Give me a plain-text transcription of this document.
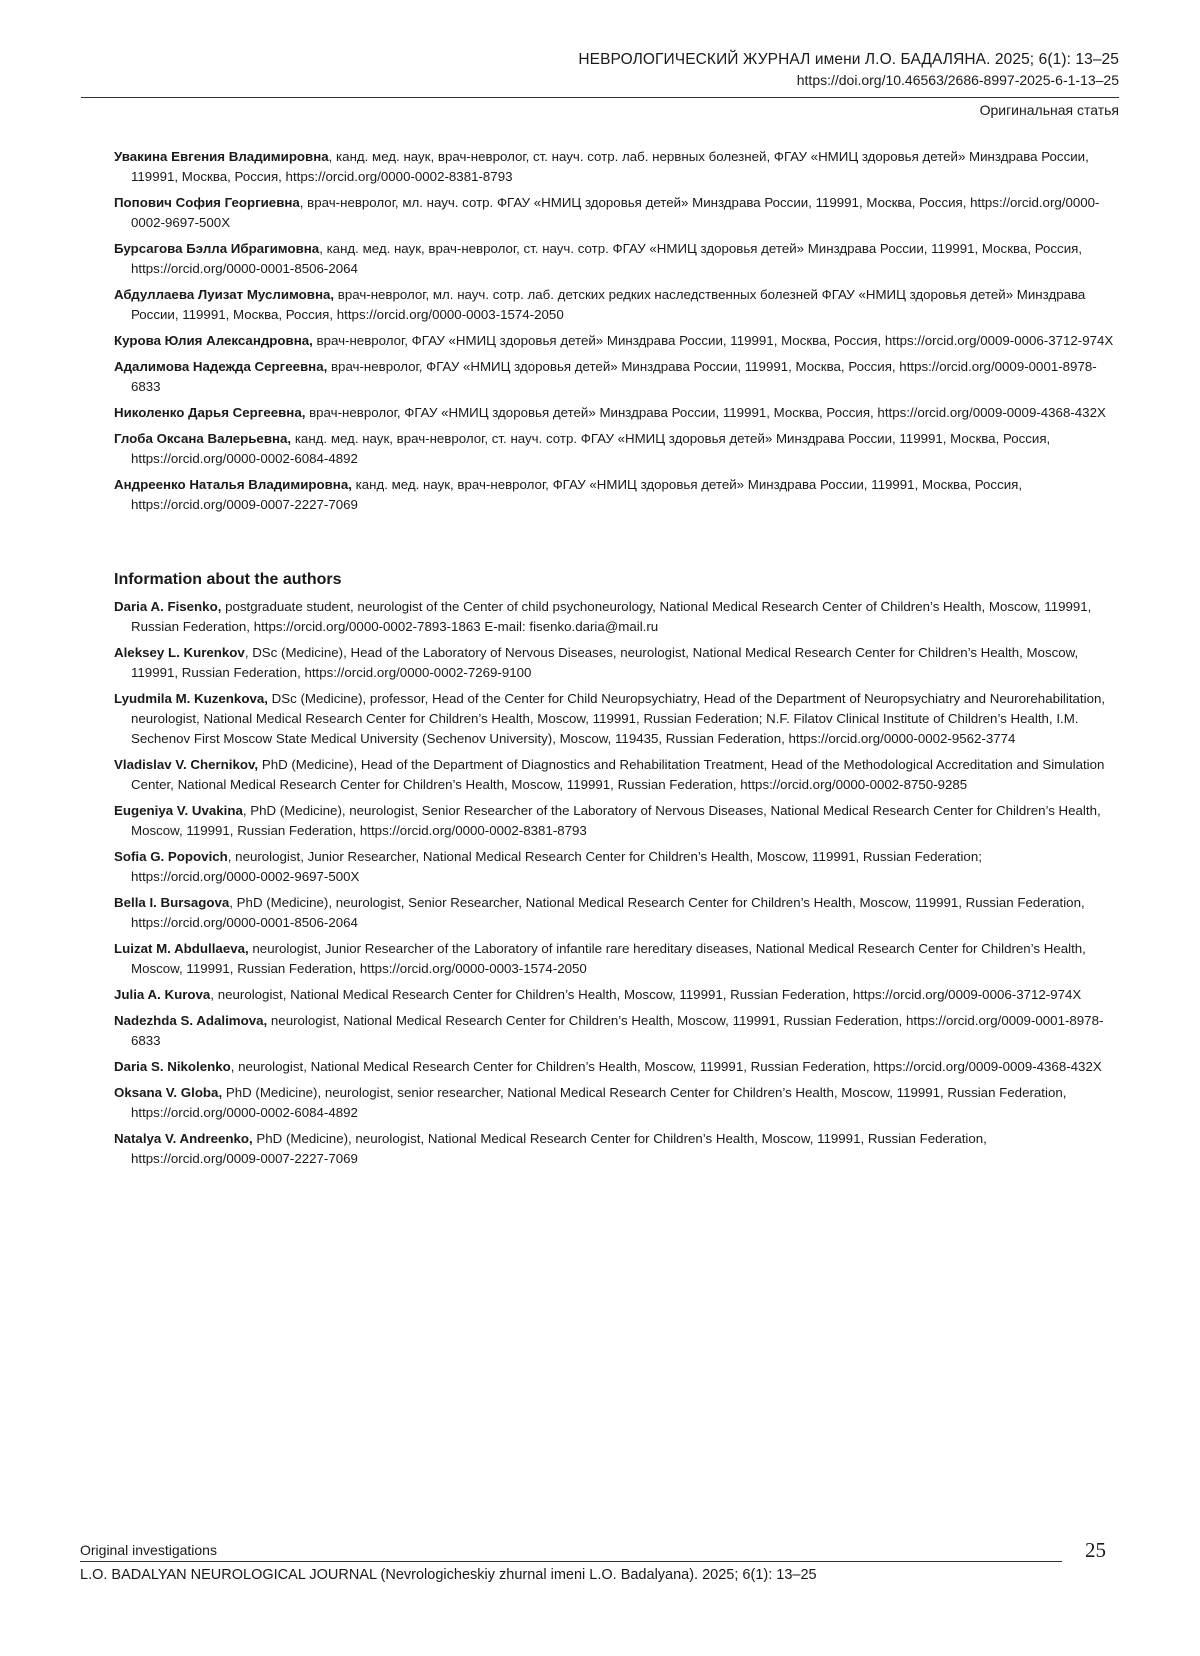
НЕВРОЛОГИЧЕСКИЙ ЖУРНАЛ имени Л.О. БАДАЛЯНА. 2025; 6(1): 13–25
https://doi.org/10.46563/2686-8997-2025-6-1-13–25
Оригинальная статья

Увакина Евгения Владимировна, канд. мед. наук, врач-невролог, ст. науч. сотр. лаб. нервных болезней, ФГАУ «НМИЦ здоровья детей» Минздрава России, 119991, Москва, Россия, https://orcid.org/0000-0002-8381-8793

Попович София Георгиевна, врач-невролог, мл. науч. сотр. ФГАУ «НМИЦ здоровья детей» Минздрава России, 119991, Москва, Россия, https://orcid.org/0000-0002-9697-500X

Бурсагова Бэлла Ибрагимовна, канд. мед. наук, врач-невролог, ст. науч. сотр. ФГАУ «НМИЦ здоровья детей» Минздрава России, 119991, Москва, Россия, https://orcid.org/0000-0001-8506-2064

Абдуллаева Луизат Муслимовна, врач-невролог, мл. науч. сотр. лаб. детских редких наследственных болезней ФГАУ «НМИЦ здоровья детей» Минздрава России, 119991, Москва, Россия, https://orcid.org/0000-0003-1574-2050

Курова Юлия Александровна, врач-невролог, ФГАУ «НМИЦ здоровья детей» Минздрава России, 119991, Москва, Россия, https://orcid.org/0009-0006-3712-974X

Адалимова Надежда Сергеевна, врач-невролог, ФГАУ «НМИЦ здоровья детей» Минздрава России, 119991, Москва, Россия, https://orcid.org/0009-0001-8978-6833

Николенко Дарья Сергеевна, врач-невролог, ФГАУ «НМИЦ здоровья детей» Минздрава России, 119991, Москва, Россия, https://orcid.org/0009-0009-4368-432X

Глоба Оксана Валерьевна, канд. мед. наук, врач-невролог, ст. науч. сотр. ФГАУ «НМИЦ здоровья детей» Минздрава России, 119991, Москва, Россия, https://orcid.org/0000-0002-6084-4892

Андреенко Наталья Владимировна, канд. мед. наук, врач-невролог, ФГАУ «НМИЦ здоровья детей» Минздрава России, 119991, Москва, Россия, https://orcid.org/0009-0007-2227-7069

Information about the authors

Daria A. Fisenko, postgraduate student, neurologist of the Center of child psychoneurology, National Medical Research Center of Children’s Health, Moscow, 119991, Russian Federation, https://orcid.org/0000-0002-7893-1863 E-mail: fisenko.daria@mail.ru

Aleksey L. Kurenkov, DSc (Medicine), Head of the Laboratory of Nervous Diseases, neurologist, National Medical Research Center for Children’s Health, Moscow, 119991, Russian Federation, https://orcid.org/0000-0002-7269-9100

Lyudmila M. Kuzenkova, DSc (Medicine), professor, Head of the Center for Child Neuropsychiatry, Head of the Department of Neuropsychiatry and Neurorehabilitation, neurologist, National Medical Research Center for Children’s Health, Moscow, 119991, Russian Federation; N.F. Filatov Clinical Institute of Children’s Health, I.M. Sechenov First Moscow State Medical University (Sechenov University), Moscow, 119435, Russian Federation, https://orcid.org/0000-0002-9562-3774

Vladislav V. Chernikov, PhD (Medicine), Head of the Department of Diagnostics and Rehabilitation Treatment, Head of the Methodological Accreditation and Simulation Center, National Medical Research Center for Children’s Health, Moscow, 119991, Russian Federation, https://orcid.org/0000-0002-8750-9285

Eugeniya V. Uvakina, PhD (Medicine), neurologist, Senior Researcher of the Laboratory of Nervous Diseases, National Medical Research Center for Children’s Health, Moscow, 119991, Russian Federation, https://orcid.org/0000-0002-8381-8793

Sofia G. Popovich, neurologist, Junior Researcher, National Medical Research Center for Children’s Health, Moscow, 119991, Russian Federation; https://orcid.org/0000-0002-9697-500X

Bella I. Bursagova, PhD (Medicine), neurologist, Senior Researcher, National Medical Research Center for Children’s Health, Moscow, 119991, Russian Federation, https://orcid.org/0000-0001-8506-2064

Luizat M. Abdullaeva, neurologist, Junior Researcher of the Laboratory of infantile rare hereditary diseases, National Medical Research Center for Children’s Health, Moscow, 119991, Russian Federation, https://orcid.org/0000-0003-1574-2050

Julia A. Kurova, neurologist, National Medical Research Center for Children’s Health, Moscow, 119991, Russian Federation, https://orcid.org/0009-0006-3712-974X

Nadezhda S. Adalimova, neurologist, National Medical Research Center for Children’s Health, Moscow, 119991, Russian Federation, https://orcid.org/0009-0001-8978-6833

Daria S. Nikolenko, neurologist, National Medical Research Center for Children’s Health, Moscow, 119991, Russian Federation, https://orcid.org/0009-0009-4368-432X

Oksana V. Globa, PhD (Medicine), neurologist, senior researcher, National Medical Research Center for Children’s Health, Moscow, 119991, Russian Federation, https://orcid.org/0000-0002-6084-4892

Natalya V. Andreenko, PhD (Medicine), neurologist, National Medical Research Center for Children’s Health, Moscow, 119991, Russian Federation, https://orcid.org/0009-0007-2227-7069

Original investigations
L.O. BADALYAN NEUROLOGICAL JOURNAL (Nevrologicheskiy zhurnal imeni L.O. Badalyana). 2025; 6(1): 13–25
25
